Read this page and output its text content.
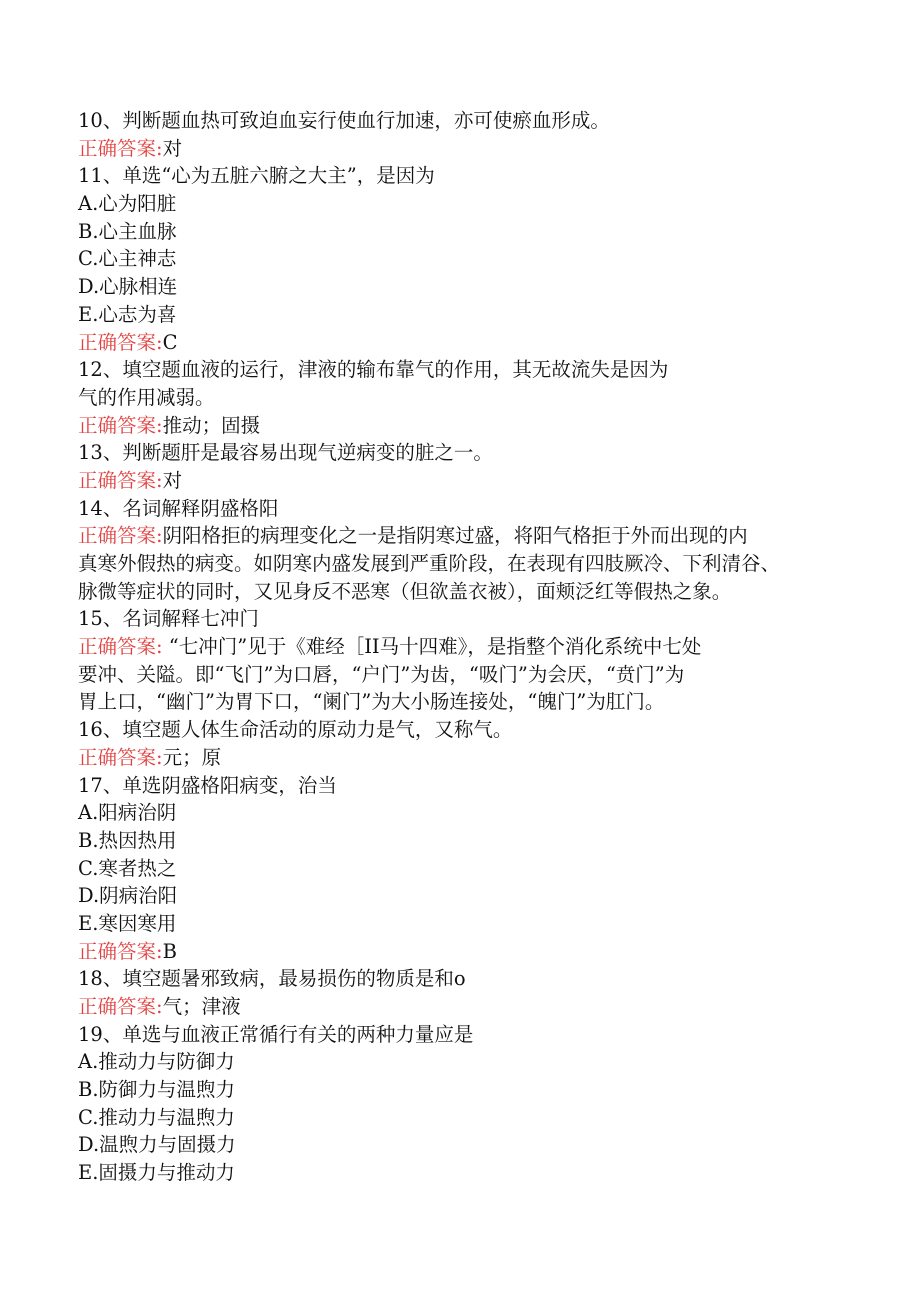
10、判断题血热可致迫血妄行使血行加速，亦可使瘀血形成。
正确答案:对
11、单选“心为五脏六腑之大主”，是因为
A.心为阳脏
B.心主血脉
C.心主神志
D.心脉相连
E.心志为喜
正确答案:C
12、填空题血液的运行，津液的输布靠气的作用，其无故流失是因为
气的作用减弱。
正确答案:推动；固摄
13、判断题肝是最容易出现气逆病变的脏之一。
正确答案:对
14、名词解释阴盛格阳
正确答案:阴阳格拒的病理变化之一是指阴寒过盛，将阳气格拒于外而出现的内
真寒外假热的病变。如阴寒内盛发展到严重阶段，在表现有四肢厥冷、下利清谷、
脉微等症状的同时，又见身反不恶寒（但欲盖衣被），面颊泛红等假热之象。
15、名词解释七冲门
正确答案: “七冲门”见于《难经［II马十四难》，是指整个消化系统中七处
要冲、关隘。即“飞门”为口唇，“户门”为齿，“吸门”为会厌，“贲门”为
胃上口，“幽门”为胃下口，“阑门”为大小肠连接处，“魄门”为肛门。
16、填空题人体生命活动的原动力是气，又称气。
正确答案:元；原
17、单选阴盛格阳病变，治当
A.阳病治阴
B.热因热用
C.寒者热之
D.阴病治阳
E.寒因寒用
正确答案:B
18、填空题暑邪致病，最易损伤的物质是和o
正确答案:气；津液
19、单选与血液正常循行有关的两种力量应是
A.推动力与防御力
B.防御力与温煦力
C.推动力与温煦力
D.温煦力与固摄力
E.固摄力与推动力
